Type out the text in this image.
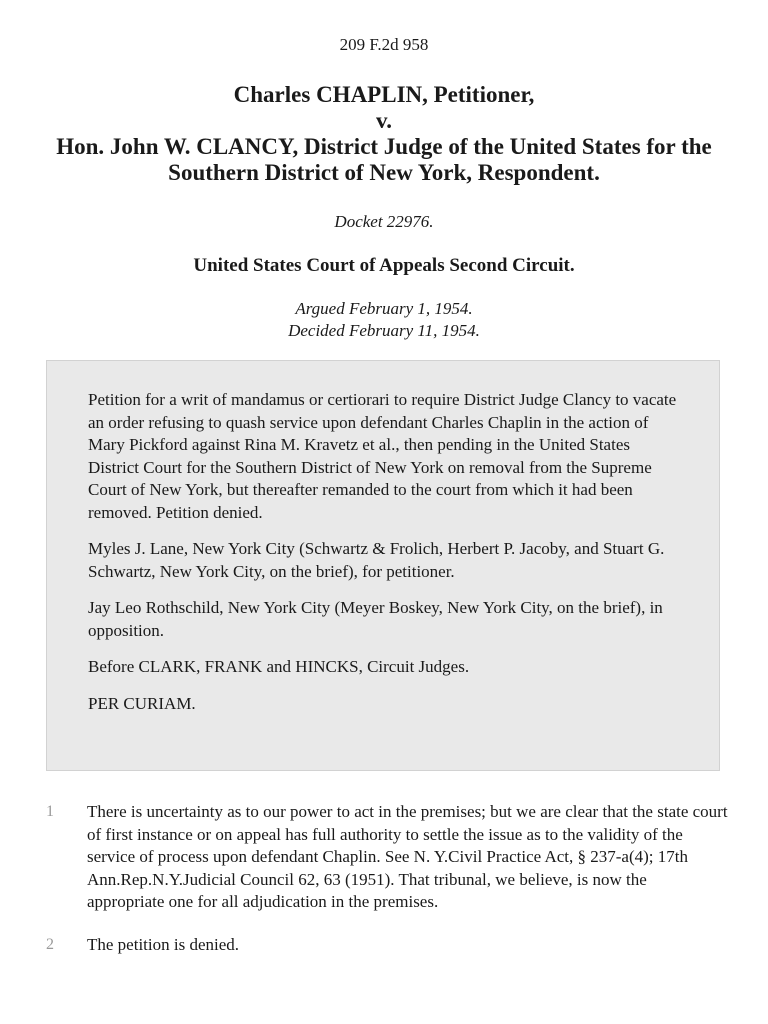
209 F.2d 958
Charles CHAPLIN, Petitioner,
v.
Hon. John W. CLANCY, District Judge of the United States for the Southern District of New York, Respondent.
Docket 22976.
United States Court of Appeals Second Circuit.
Argued February 1, 1954.
Decided February 11, 1954.

Petition for a writ of mandamus or certiorari to require District Judge Clancy to vacate an order refusing to quash service upon defendant Charles Chaplin in the action of Mary Pickford against Rina M. Kravetz et al., then pending in the United States District Court for the Southern District of New York on removal from the Supreme Court of New York, but thereafter remanded to the court from which it had been removed. Petition denied.

Myles J. Lane, New York City (Schwartz & Frolich, Herbert P. Jacoby, and Stuart G. Schwartz, New York City, on the brief), for petitioner.

Jay Leo Rothschild, New York City (Meyer Boskey, New York City, on the brief), in opposition.

Before CLARK, FRANK and HINCKS, Circuit Judges.

PER CURIAM.

1 There is uncertainty as to our power to act in the premises; but we are clear that the state court of first instance or on appeal has full authority to settle the issue as to the validity of the service of process upon defendant Chaplin. See N. Y.Civil Practice Act, § 237-a(4); 17th Ann.Rep.N.Y.Judicial Council 62, 63 (1951). That tribunal, we believe, is now the appropriate one for all adjudication in the premises.
2 The petition is denied.
